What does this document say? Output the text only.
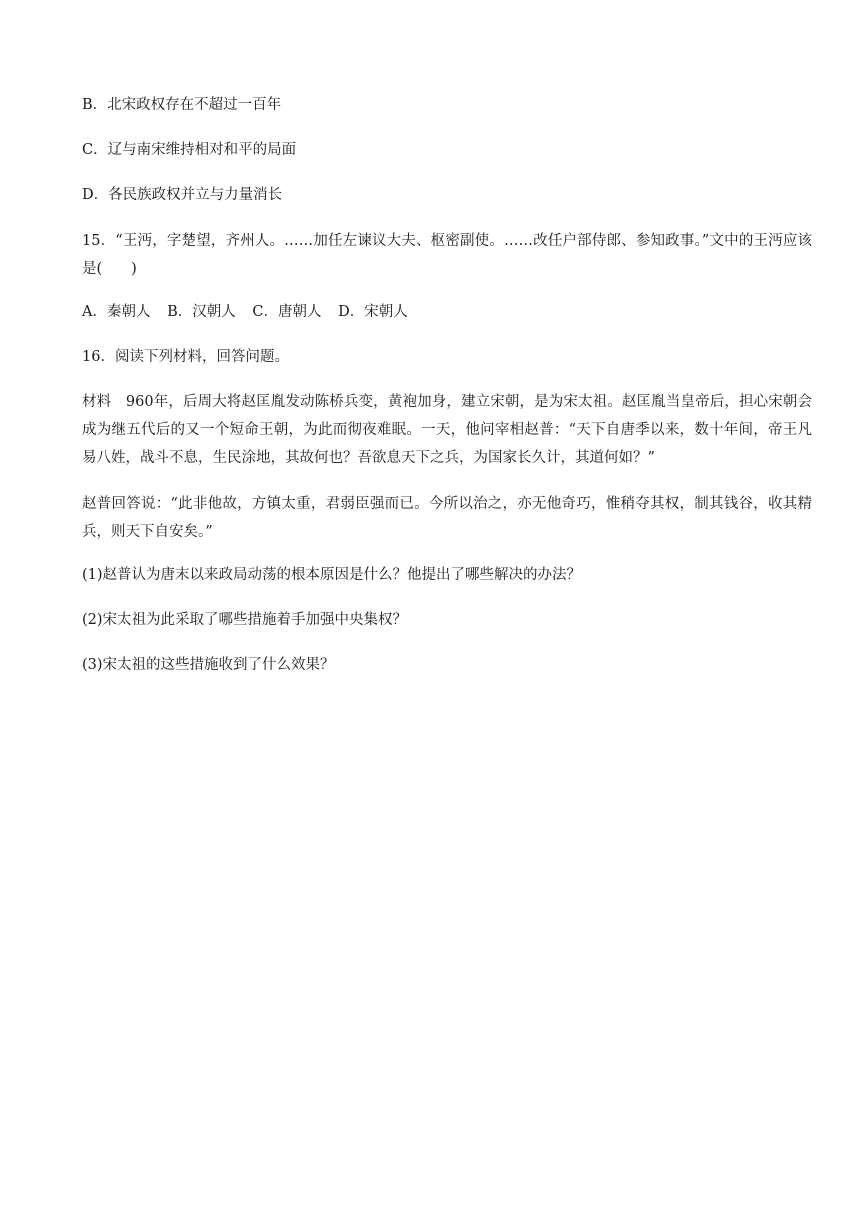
B．北宋政权存在不超过一百年

C．辽与南宋维持相对和平的局面

D．各民族政权并立与力量消长

15．“王沔，字楚望，齐州人。……加任左谏议大夫、枢密副使。……改任户部侍郎、参知政事。”文中的王沔应该是(　　)

A．秦朝人 B．汉朝人 C．唐朝人 D．宋朝人

16．阅读下列材料，回答问题。

材料　960年，后周大将赵匡胤发动陈桥兵变，黄袍加身，建立宋朝，是为宋太祖。赵匡胤当皇帝后，担心宋朝会成为继五代后的又一个短命王朝，为此而彻夜难眠。一天，他问宰相赵普：“天下自唐季以来，数十年间，帝王凡易八姓，战斗不息，生民涂地，其故何也？吾欲息天下之兵，为国家长久计，其道何如？”

赵普回答说：“此非他故，方镇太重，君弱臣强而已。今所以治之，亦无他奇巧，惟稍夺其权，制其钱谷，收其精兵，则天下自安矣。”

(1)赵普认为唐末以来政局动荡的根本原因是什么？他提出了哪些解决的办法？

(2)宋太祖为此采取了哪些措施着手加强中央集权？

(3)宋太祖的这些措施收到了什么效果？
